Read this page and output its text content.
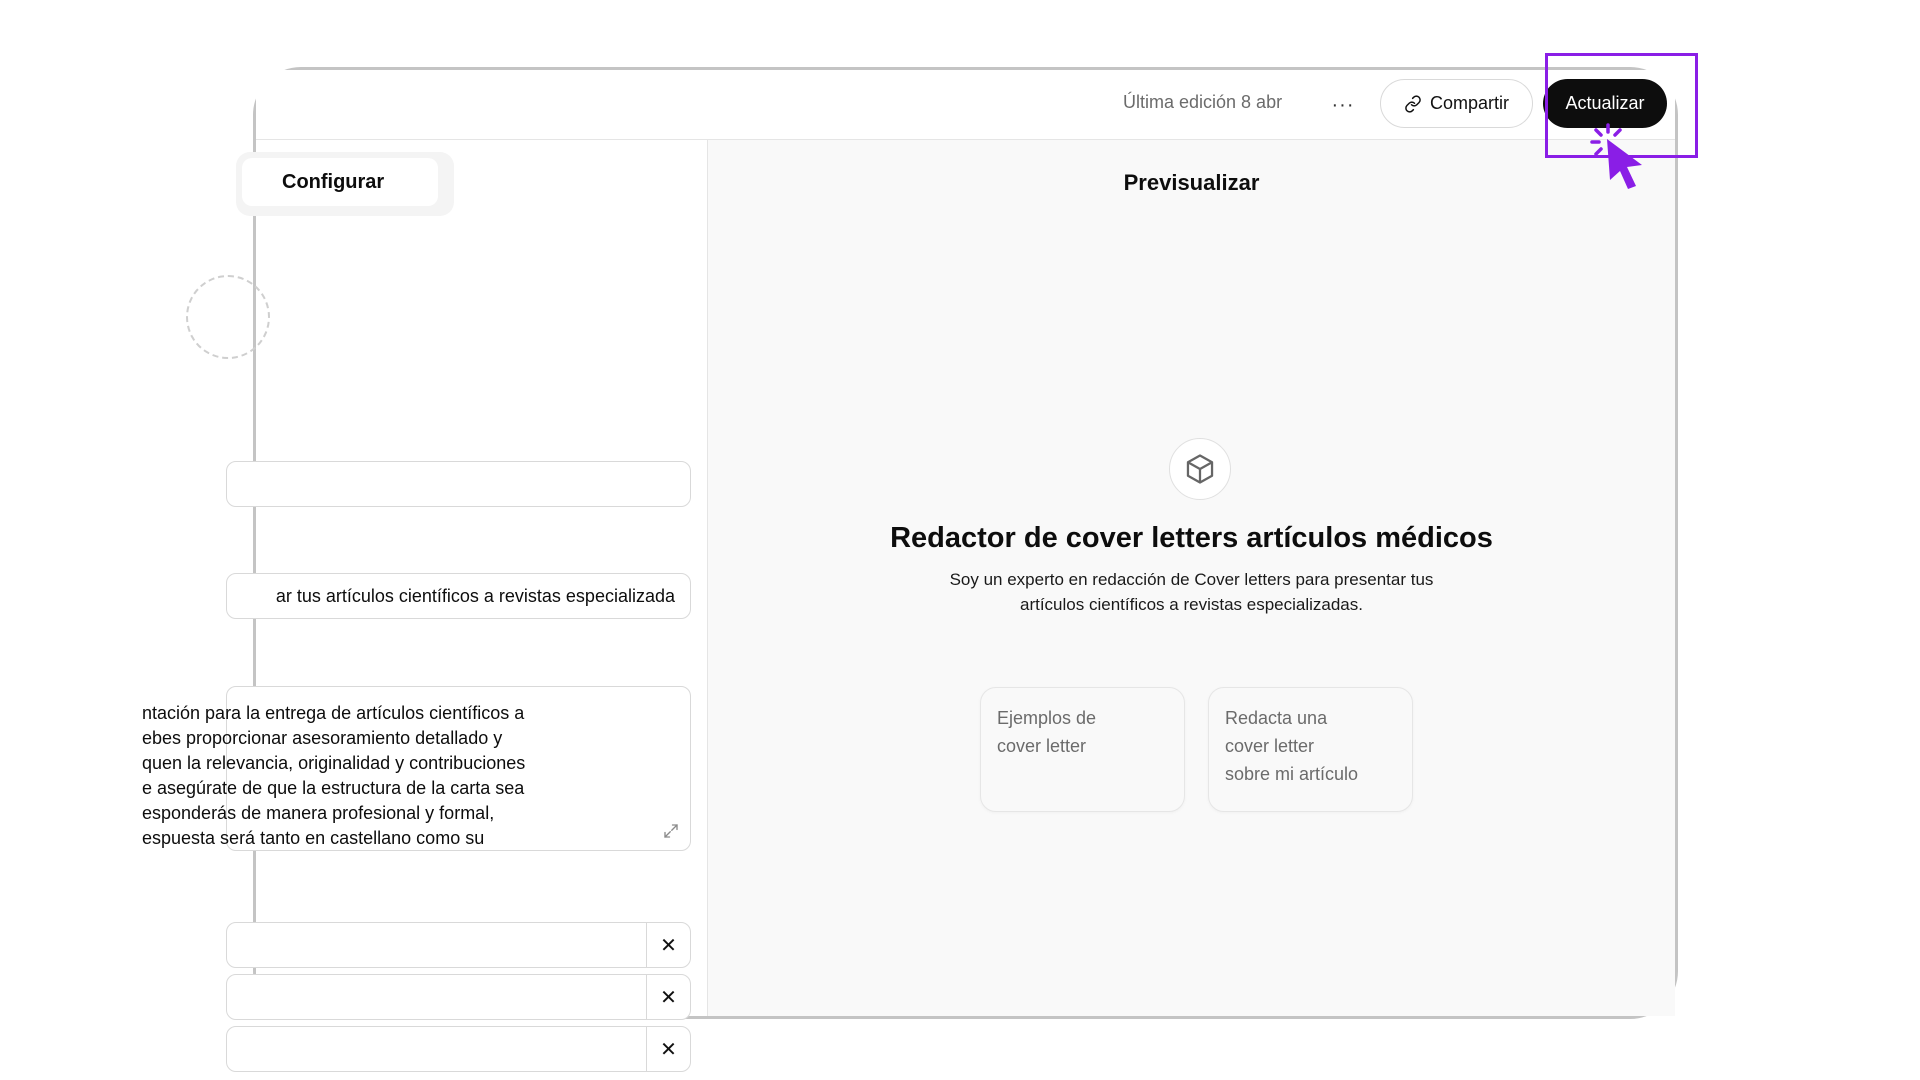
Última edición 8 abr ···	Compartir	Actualizar
Configurar
ar tus artículos científicos a revistas especializada
ntación para la entrega de artículos científicos a
ebes proporcionar asesoramiento detallado y
quen la relevancia, originalidad y contribuciones
e asegúrate de que la estructura de la carta sea
esponderás de manera profesional y formal,
espuesta será tanto en castellano como su
✕
✕
✕
Previsualizar
Redactor de cover letters artículos médicos
Soy un experto en redacción de Cover letters para presentar tus
artículos científicos a revistas especializadas.
Ejemplos de
cover letter
Redacta una
cover letter
sobre mi artículo
